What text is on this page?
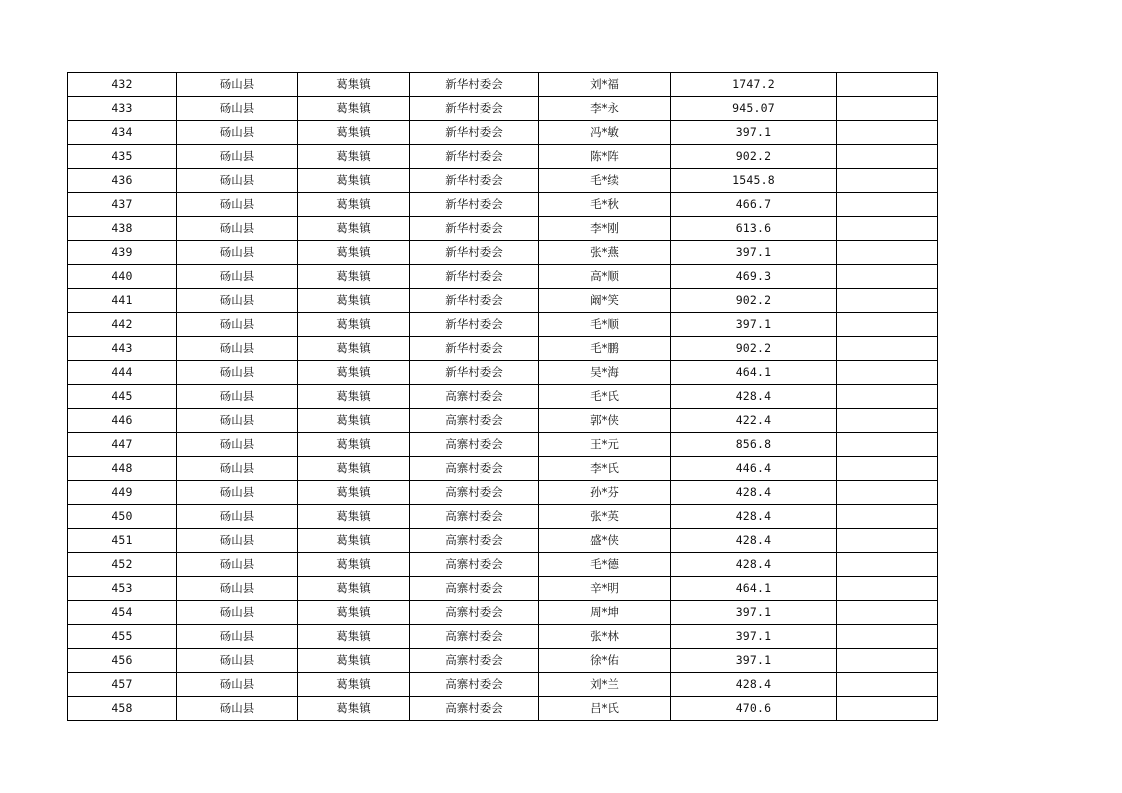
432	砀山县	葛集镇	新华村委会	刘*福	1747.2	
433	砀山县	葛集镇	新华村委会	李*永	945.07	
434	砀山县	葛集镇	新华村委会	冯*敏	397.1	
435	砀山县	葛集镇	新华村委会	陈*阵	902.2	
436	砀山县	葛集镇	新华村委会	毛*续	1545.8	
437	砀山县	葛集镇	新华村委会	毛*秋	466.7	
438	砀山县	葛集镇	新华村委会	李*刚	613.6	
439	砀山县	葛集镇	新华村委会	张*燕	397.1	
440	砀山县	葛集镇	新华村委会	高*顺	469.3	
441	砀山县	葛集镇	新华村委会	阚*笑	902.2	
442	砀山县	葛集镇	新华村委会	毛*顺	397.1	
443	砀山县	葛集镇	新华村委会	毛*鹏	902.2	
444	砀山县	葛集镇	新华村委会	吴*海	464.1	
445	砀山县	葛集镇	高寨村委会	毛*氏	428.4	
446	砀山县	葛集镇	高寨村委会	郭*侠	422.4	
447	砀山县	葛集镇	高寨村委会	王*元	856.8	
448	砀山县	葛集镇	高寨村委会	李*氏	446.4	
449	砀山县	葛集镇	高寨村委会	孙*芬	428.4	
450	砀山县	葛集镇	高寨村委会	张*英	428.4	
451	砀山县	葛集镇	高寨村委会	盛*侠	428.4	
452	砀山县	葛集镇	高寨村委会	毛*德	428.4	
453	砀山县	葛集镇	高寨村委会	辛*明	464.1	
454	砀山县	葛集镇	高寨村委会	周*坤	397.1	
455	砀山县	葛集镇	高寨村委会	张*林	397.1	
456	砀山县	葛集镇	高寨村委会	徐*佑	397.1	
457	砀山县	葛集镇	高寨村委会	刘*兰	428.4	
458	砀山县	葛集镇	高寨村委会	吕*氏	470.6	
